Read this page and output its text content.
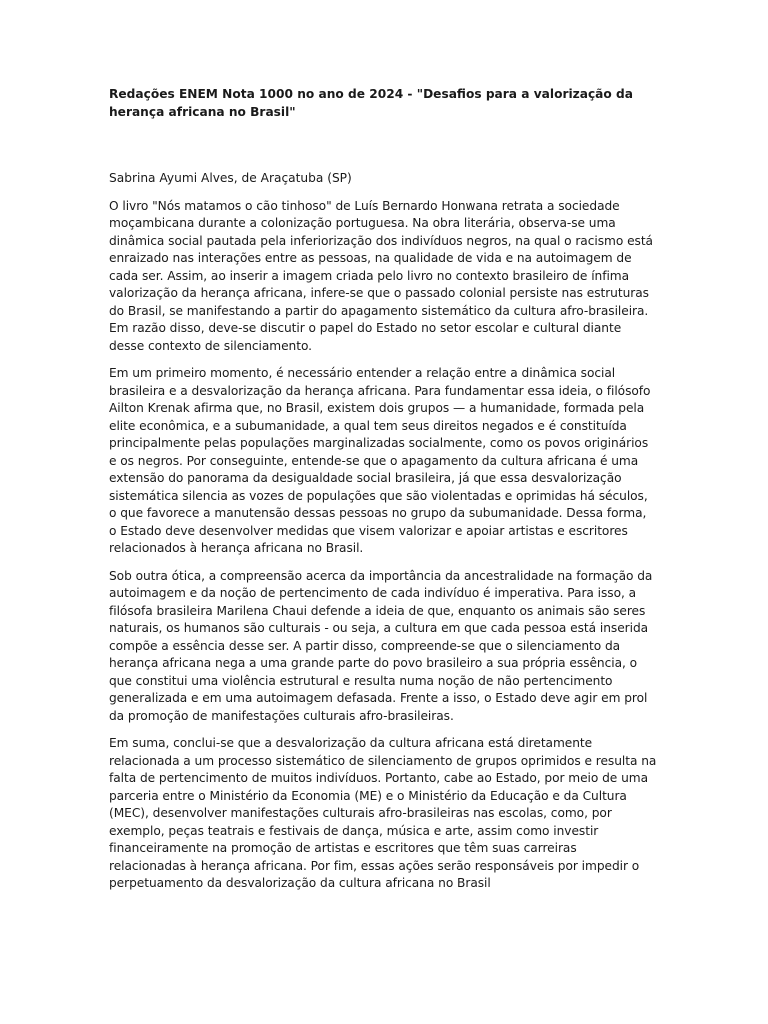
Redações ENEM Nota 1000 no ano de 2024 - "Desafios para a valorização da herança africana no Brasil"

Sabrina Ayumi Alves, de Araçatuba (SP)

O livro "Nós matamos o cão tinhoso" de Luís Bernardo Honwana retrata a sociedade moçambicana durante a colonização portuguesa. Na obra literária, observa-se uma dinâmica social pautada pela inferiorização dos indivíduos negros, na qual o racismo está enraizado nas interações entre as pessoas, na qualidade de vida e na autoimagem de cada ser. Assim, ao inserir a imagem criada pelo livro no contexto brasileiro de ínfima valorização da herança africana, infere-se que o passado colonial persiste nas estruturas do Brasil, se manifestando a partir do apagamento sistemático da cultura afro-brasileira. Em razão disso, deve-se discutir o papel do Estado no setor escolar e cultural diante desse contexto de silenciamento.

Em um primeiro momento, é necessário entender a relação entre a dinâmica social brasileira e a desvalorização da herança africana. Para fundamentar essa ideia, o filósofo Ailton Krenak afirma que, no Brasil, existem dois grupos — a humanidade, formada pela elite econômica, e a subumanidade, a qual tem seus direitos negados e é constituída principalmente pelas populações marginalizadas socialmente, como os povos originários e os negros. Por conseguinte, entende-se que o apagamento da cultura africana é uma extensão do panorama da desigualdade social brasileira, já que essa desvalorização sistemática silencia as vozes de populações que são violentadas e oprimidas há séculos, o que favorece a manutensão dessas pessoas no grupo da subumanidade. Dessa forma, o Estado deve desenvolver medidas que visem valorizar e apoiar artistas e escritores relacionados à herança africana no Brasil.

Sob outra ótica, a compreensão acerca da importância da ancestralidade na formação da autoimagem e da noção de pertencimento de cada indivíduo é imperativa. Para isso, a filósofa brasileira Marilena Chaui defende a ideia de que, enquanto os animais são seres naturais, os humanos são culturais - ou seja, a cultura em que cada pessoa está inserida compõe a essência desse ser. A partir disso, compreende-se que o silenciamento da herança africana nega a uma grande parte do povo brasileiro a sua própria essência, o que constitui uma violência estrutural e resulta numa noção de não pertencimento generalizada e em uma autoimagem defasada. Frente a isso, o Estado deve agir em prol da promoção de manifestações culturais afro-brasileiras.

Em suma, conclui-se que a desvalorização da cultura africana está diretamente relacionada a um processo sistemático de silenciamento de grupos oprimidos e resulta na falta de pertencimento de muitos indivíduos. Portanto, cabe ao Estado, por meio de uma parceria entre o Ministério da Economia (ME) e o Ministério da Educação e da Cultura (MEC), desenvolver manifestações culturais afro-brasileiras nas escolas, como, por exemplo, peças teatrais e festivais de dança, música e arte, assim como investir financeiramente na promoção de artistas e escritores que têm suas carreiras relacionadas à herança africana. Por fim, essas ações serão responsáveis por impedir o perpetuamento da desvalorização da cultura africana no Brasil
